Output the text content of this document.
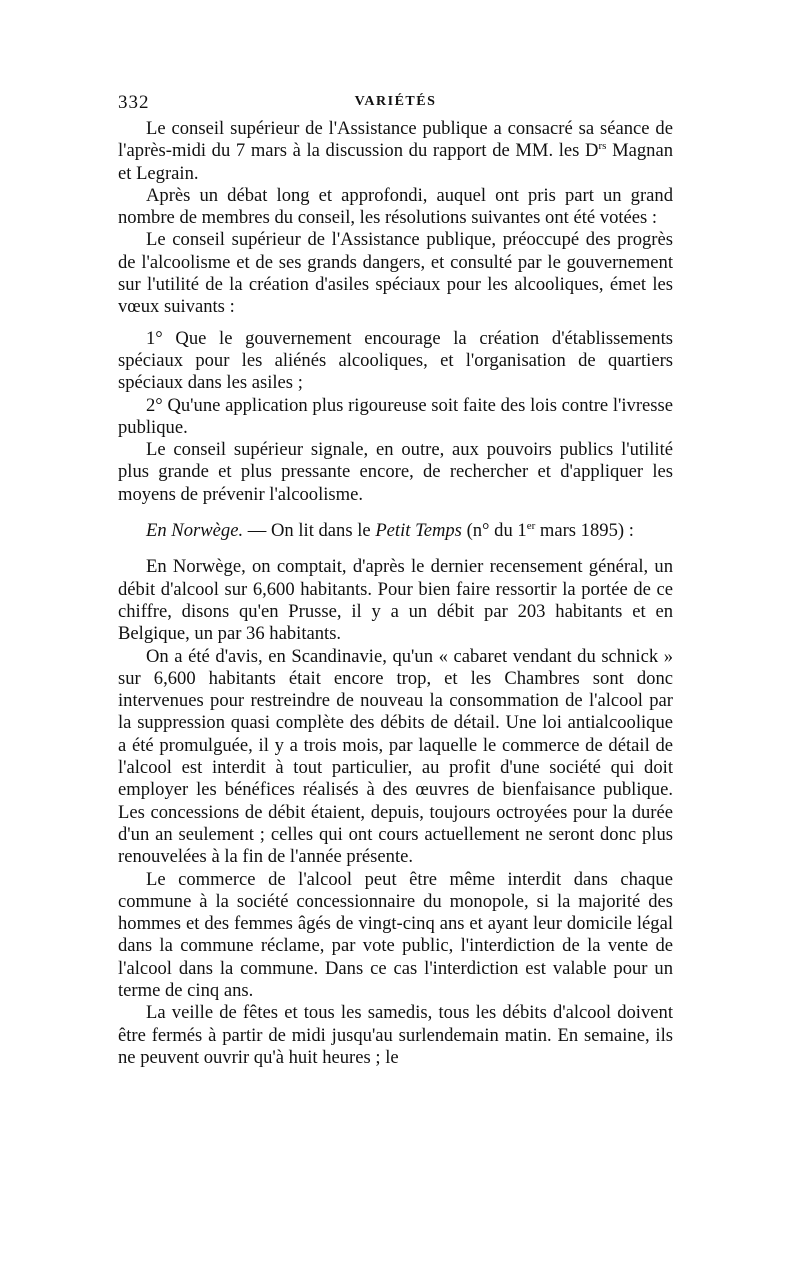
332	VARIÉTÉS

Le conseil supérieur de l'Assistance publique a consacré sa séance de l'après-midi du 7 mars à la discussion du rapport de MM. les $D^{rs}$ Magnan et Legrain.

Après un débat long et approfondi, auquel ont pris part un grand nombre de membres du conseil, les résolutions suivantes ont été votées :

Le conseil supérieur de l'Assistance publique, préoccupé des progrès de l'alcoolisme et de ses grands dangers, et consulté par le gouvernement sur l'utilité de la création d'asiles spéciaux pour les alcooliques, émet les vœux suivants :

1° Que le gouvernement encourage la création d'établissements spéciaux pour les aliénés alcooliques, et l'organisation de quartiers spéciaux dans les asiles ;

2° Qu'une application plus rigoureuse soit faite des lois contre l'ivresse publique.

Le conseil supérieur signale, en outre, aux pouvoirs publics l'utilité plus grande et plus pressante encore, de rechercher et d'appliquer les moyens de prévenir l'alcoolisme.

En Norwège. — On lit dans le Petit Temps (n° du 1er mars 1895) :

En Norwège, on comptait, d'après le dernier recensement général, un débit d'alcool sur 6,600 habitants. Pour bien faire ressortir la portée de ce chiffre, disons qu'en Prusse, il y a un débit par 203 habitants et en Belgique, un par 36 habitants.

On a été d'avis, en Scandinavie, qu'un « cabaret vendant du schnick » sur 6,600 habitants était encore trop, et les Chambres sont donc intervenues pour restreindre de nouveau la consommation de l'alcool par la suppression quasi complète des débits de détail. Une loi antialcoolique a été promulguée, il y a trois mois, par laquelle le commerce de détail de l'alcool est interdit à tout particulier, au profit d'une société qui doit employer les bénéfices réalisés à des œuvres de bienfaisance publique. Les concessions de débit étaient, depuis, toujours octroyées pour la durée d'un an seulement ; celles qui ont cours actuellement ne seront donc plus renouvelées à la fin de l'année présente.

Le commerce de l'alcool peut être même interdit dans chaque commune à la société concessionnaire du monopole, si la majorité des hommes et des femmes âgés de vingt-cinq ans et ayant leur domicile légal dans la commune réclame, par vote public, l'interdiction de la vente de l'alcool dans la commune. Dans ce cas l'interdiction est valable pour un terme de cinq ans.

La veille de fêtes et tous les samedis, tous les débits d'alcool doivent être fermés à partir de midi jusqu'au surlendemain matin. En semaine, ils ne peuvent ouvrir qu'à huit heures ; le
